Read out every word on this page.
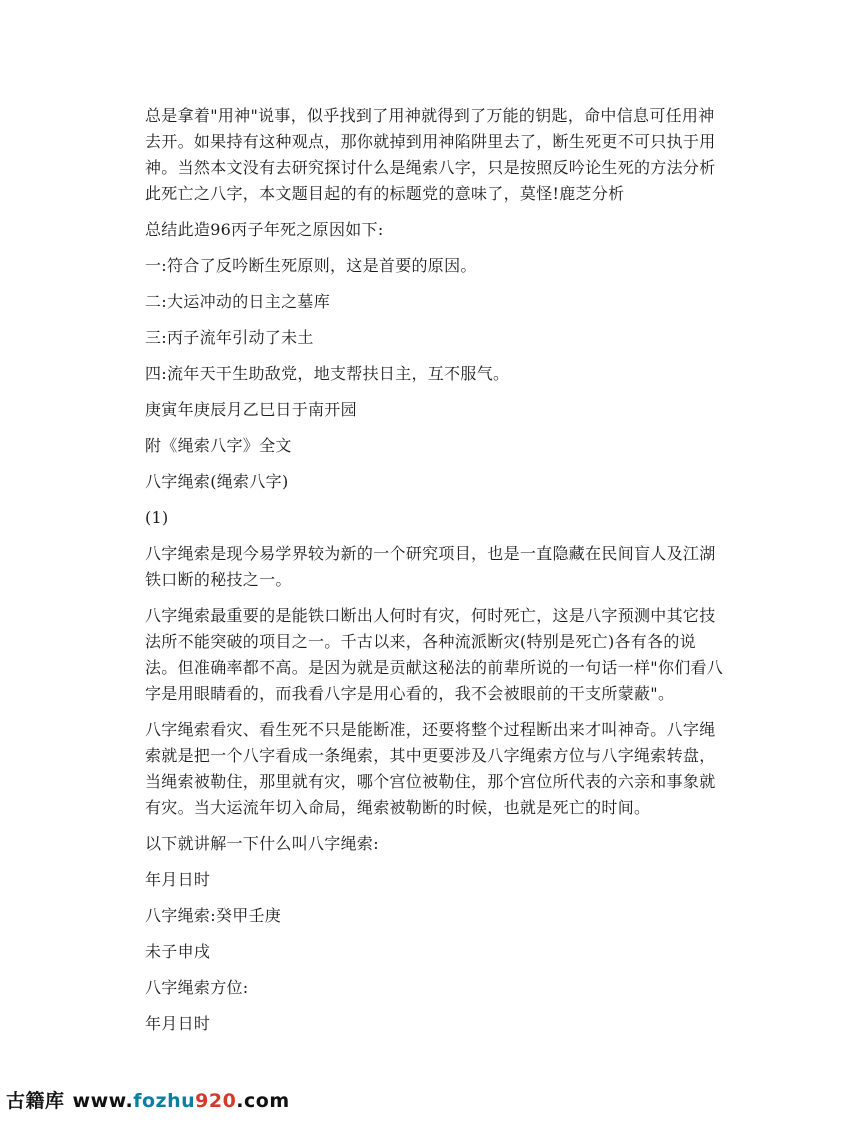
总是拿着"用神"说事，似乎找到了用神就得到了万能的钥匙，命中信息可任用神去开。如果持有这种观点，那你就掉到用神陷阱里去了，断生死更不可只执于用神。当然本文没有去研究探讨什么是绳索八字，只是按照反吟论生死的方法分析此死亡之八字，本文题目起的有的标题党的意味了，莫怪!鹿芝分析

总结此造96丙子年死之原因如下:

一:符合了反吟断生死原则，这是首要的原因。

二:大运冲动的日主之墓库

三:丙子流年引动了未土

四:流年天干生助敌党，地支帮扶日主，互不服气。

庚寅年庚辰月乙巳日于南开园

附《绳索八字》全文

八字绳索(绳索八字)

(1)

八字绳索是现今易学界较为新的一个研究项目，也是一直隐藏在民间盲人及江湖铁口断的秘技之一。

八字绳索最重要的是能铁口断出人何时有灾，何时死亡，这是八字预测中其它技法所不能突破的项目之一。千古以来，各种流派断灾(特别是死亡)各有各的说法。但准确率都不高。是因为就是贡献这秘法的前辈所说的一句话一样"你们看八字是用眼睛看的，而我看八字是用心看的，我不会被眼前的干支所蒙蔽"。

八字绳索看灾、看生死不只是能断准，还要将整个过程断出来才叫神奇。八字绳索就是把一个八字看成一条绳索，其中更要涉及八字绳索方位与八字绳索转盘，当绳索被勒住，那里就有灾，哪个宫位被勒住，那个宫位所代表的六亲和事象就有灾。当大运流年切入命局，绳索被勒断的时候，也就是死亡的时间。

以下就讲解一下什么叫八字绳索:

年月日时

八字绳索:癸甲壬庚

未子申戌

八字绳索方位:

年月日时

古籍库 www.fozhu920.com
